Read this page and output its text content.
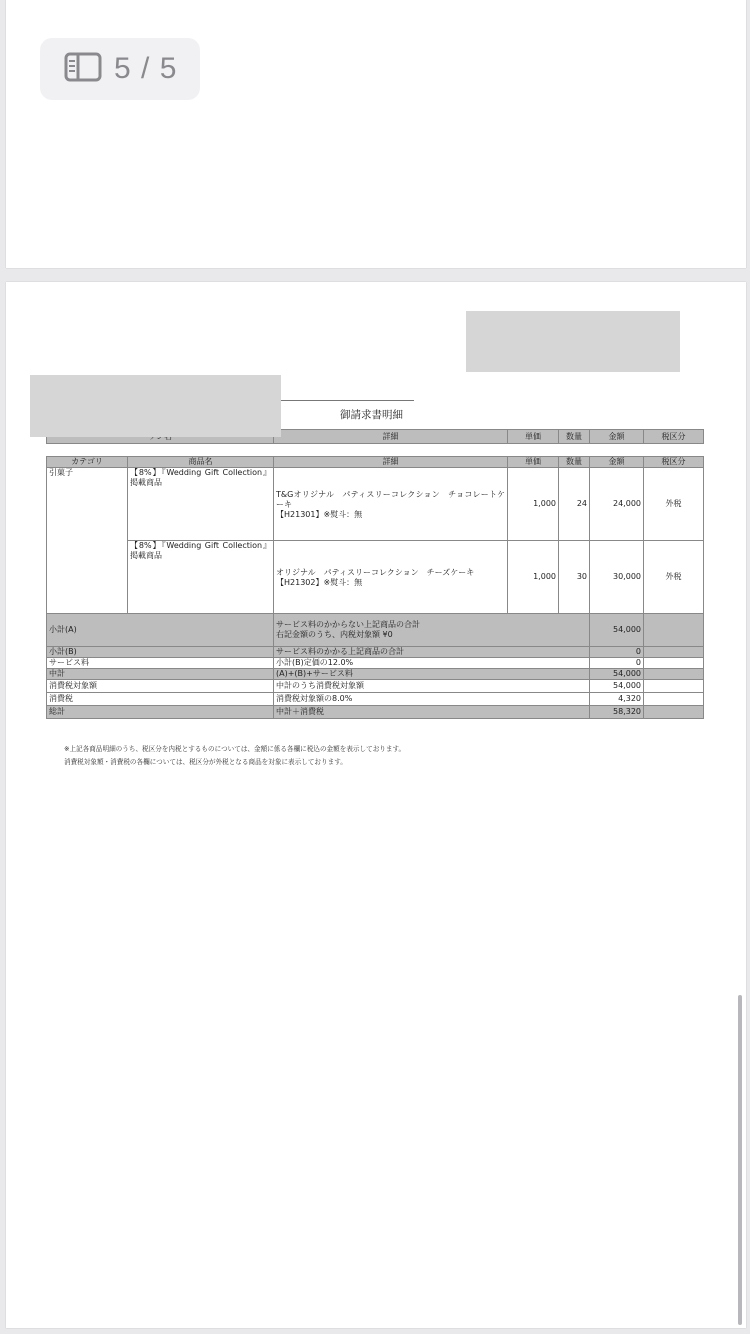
5 / 5
御請求書明細
	詳細	単価	数量	金額	税区分
カテゴリ	商品名	詳細	単価	数量	金額	税区分
引菓子	【8%】『Wedding Gift Collection』 掲載商品	T&Gオリジナル　パティスリーコレクション　チョコレートケーキ
【H21301】※熨斗：無	1,000	24	24,000	外税
	【8%】『Wedding Gift Collection』 掲載商品	オリジナル　パティスリーコレクション　チーズケーキ
【H21302】※熨斗：無	1,000	30	30,000	外税
小計(A)		サービス料のかからない上記商品の合計
右記金額のうち、内税対象額 ¥0			54,000	
小計(B)		サービス料のかかる上記商品の合計			0	
サービス料		小計(B)定価の12.0%			0	
中計		(A)+(B)+サービス料			54,000	
消費税対象額		中計のうち消費税対象額			54,000	
消費税		消費税対象額の8.0%			4,320	
総計		中計＋消費税			58,320	
※上記各商品明細のうち、税区分を内税とするものについては、金額に係る各欄に税込の金額を表示しております。
消費税対象額・消費税の各欄については、税区分が外税となる商品を対象に表示しております。
